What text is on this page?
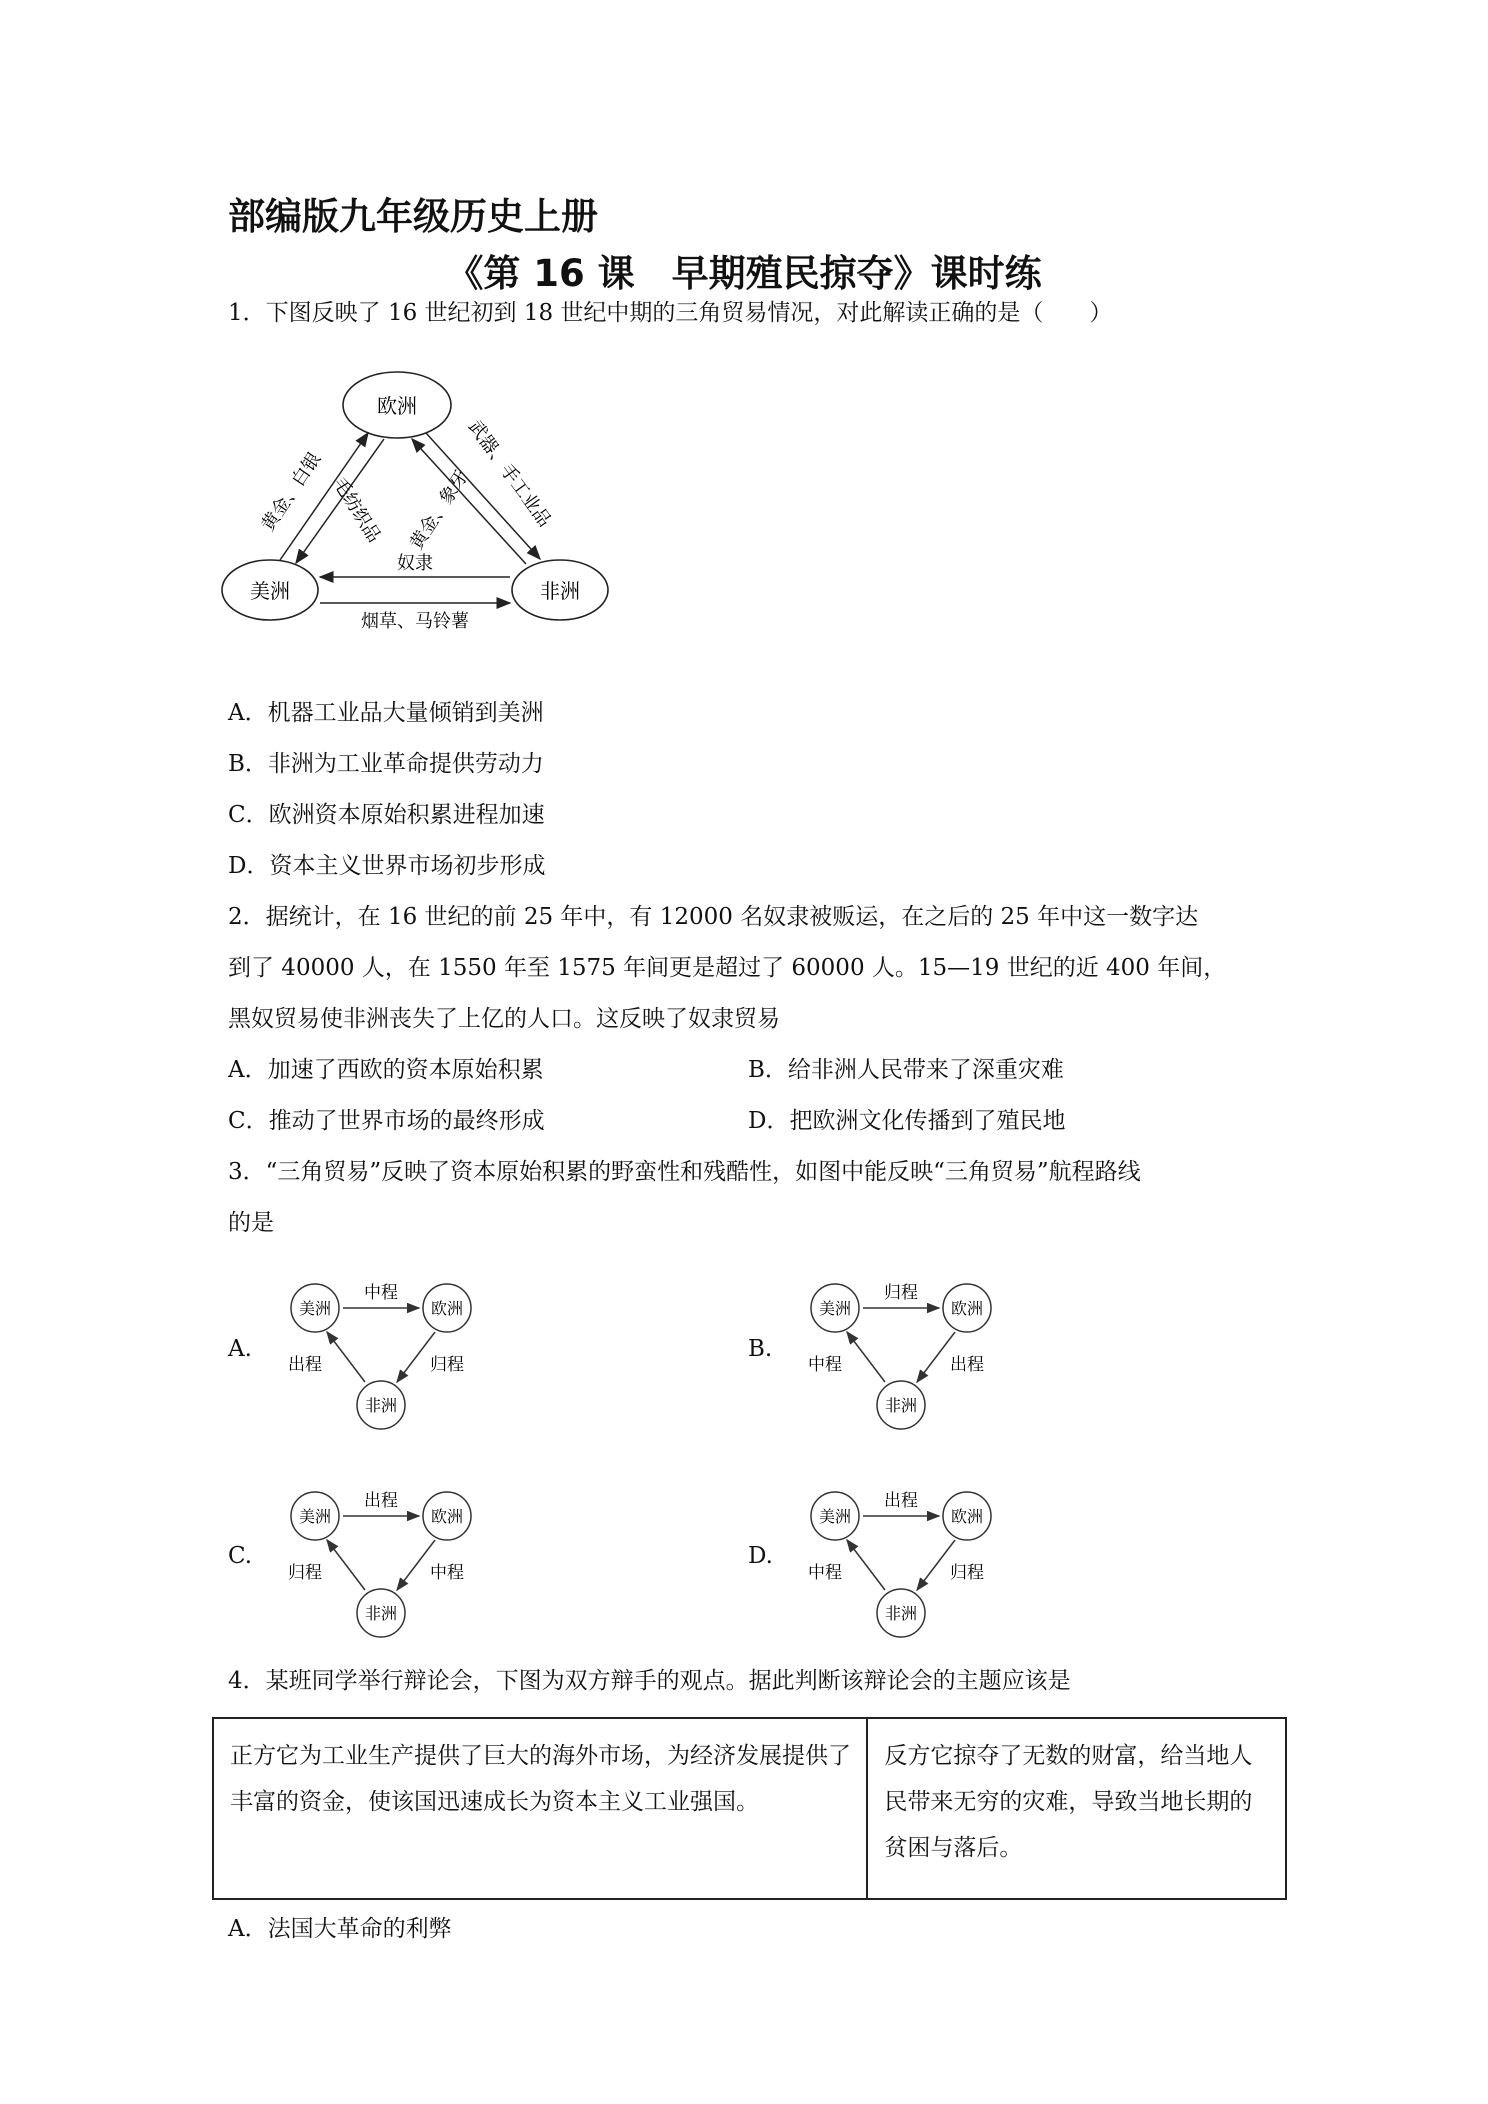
部编版九年级历史上册
《第 16 课　早期殖民掠夺》课时练
1．下图反映了 16 世纪初到 18 世纪中期的三角贸易情况，对此解读正确的是（　　）
欧洲
美洲	非洲
黄金、白银 毛纺织品 黄金、象牙
武器、手工业品
奴隶
烟草、马铃薯
A．机器工业品大量倾销到美洲
B．非洲为工业革命提供劳动力
C．欧洲资本原始积累进程加速
D．资本主义世界市场初步形成
2．据统计，在 16 世纪的前 25 年中，有 12000 名奴隶被贩运，在之后的 25 年中这一数字达
到了 40000 人，在 1550 年至 1575 年间更是超过了 60000 人。15—19 世纪的近 400 年间，
黑奴贸易使非洲丧失了上亿的人口。这反映了奴隶贸易
A．加速了西欧的资本原始积累	B．给非洲人民带来了深重灾难
C．推动了世界市场的最终形成	D．把欧洲文化传播到了殖民地
3．“三角贸易”反映了资本原始积累的野蛮性和残酷性，如图中能反映“三角贸易”航程路线
的是
A.	B.
C.	D.
美洲	欧洲
非洲
中程
归程
出程
美洲	欧洲
非洲
归程
出程
中程
美洲	欧洲
非洲
出程
中程
归程
美洲	欧洲
非洲
出程
归程
中程
4．某班同学举行辩论会，下图为双方辩手的观点。据此判断该辩论会的主题应该是
正方它为工业生产提供了巨大的海外市场，为经济发展提供了丰富的资金，使该国迅速成长为资本主义工业强国。	反方它掠夺了无数的财富，给当地人民带来无穷的灾难，导致当地长期的贫困与落后。
A．法国大革命的利弊
